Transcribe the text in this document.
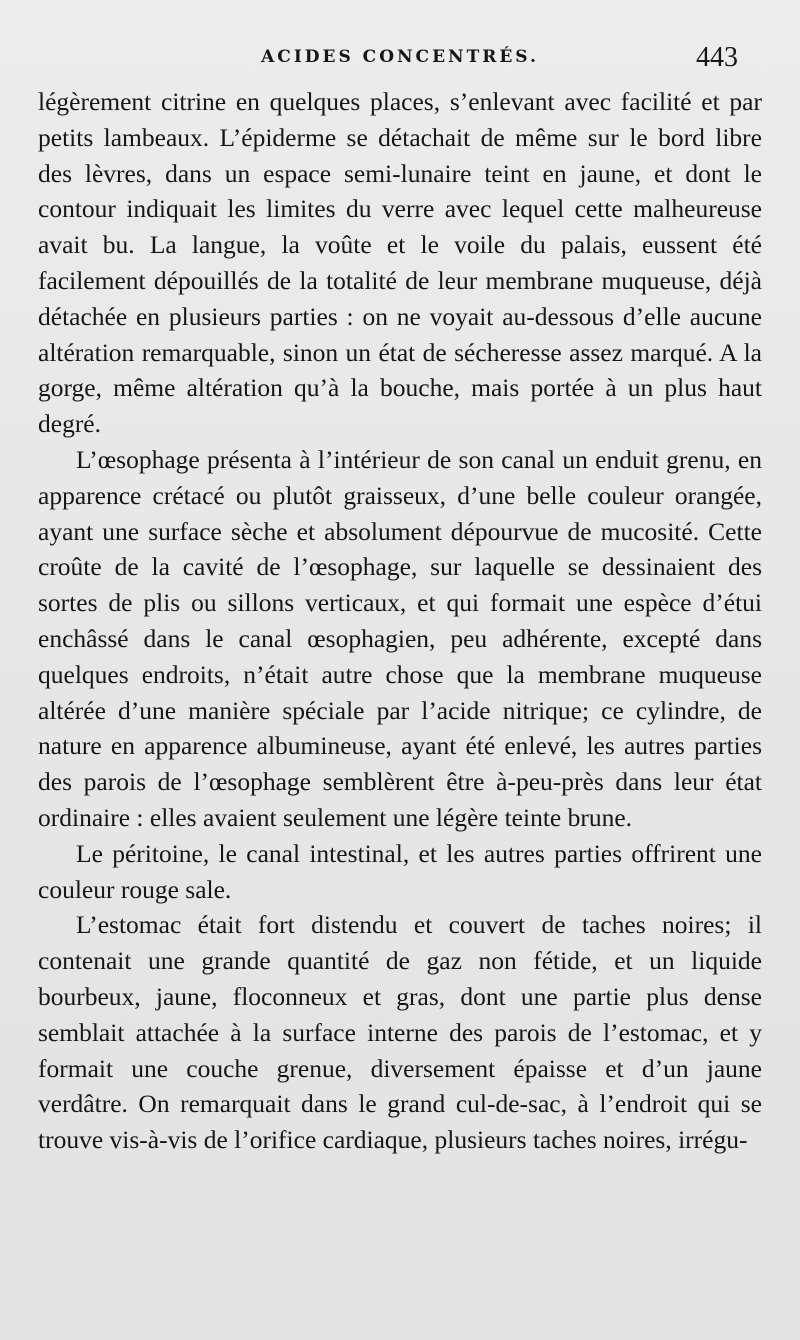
ACIDES CONCENTRÉS.	443

légèrement citrine en quelques places, s’enlevant avec facilité et par petits lambeaux. L’épiderme se détachait de même sur le bord libre des lèvres, dans un espace semi-lunaire teint en jaune, et dont le contour indiquait les limites du verre avec lequel cette malheureuse avait bu. La langue, la voûte et le voile du palais, eussent été facilement dépouillés de la totalité de leur membrane muqueuse, déjà détachée en plusieurs parties : on ne voyait au-dessous d’elle aucune altération remarquable, sinon un état de sécheresse assez marqué. A la gorge, même altération qu’à la bouche, mais portée à un plus haut degré.

L’œsophage présenta à l’intérieur de son canal un enduit grenu, en apparence crétacé ou plutôt graisseux, d’une belle couleur orangée, ayant une surface sèche et absolument dépourvue de mucosité. Cette croûte de la cavité de l’œsophage, sur laquelle se dessinaient des sortes de plis ou sillons verticaux, et qui formait une espèce d’étui enchâssé dans le canal œsophagien, peu adhérente, excepté dans quelques endroits, n’était autre chose que la membrane muqueuse altérée d’une manière spéciale par l’acide nitrique; ce cylindre, de nature en apparence albumineuse, ayant été enlevé, les autres parties des parois de l’œsophage semblèrent être à-peu-près dans leur état ordinaire : elles avaient seulement une légère teinte brune.

Le péritoine, le canal intestinal, et les autres parties offrirent une couleur rouge sale.

L’estomac était fort distendu et couvert de taches noires; il contenait une grande quantité de gaz non fétide, et un liquide bourbeux, jaune, floconneux et gras, dont une partie plus dense semblait attachée à la surface interne des parois de l’estomac, et y formait une couche grenue, diversement épaisse et d’un jaune verdâtre. On remarquait dans le grand cul-de-sac, à l’endroit qui se trouve vis-à-vis de l’orifice cardiaque, plusieurs taches noires, irrégu-
